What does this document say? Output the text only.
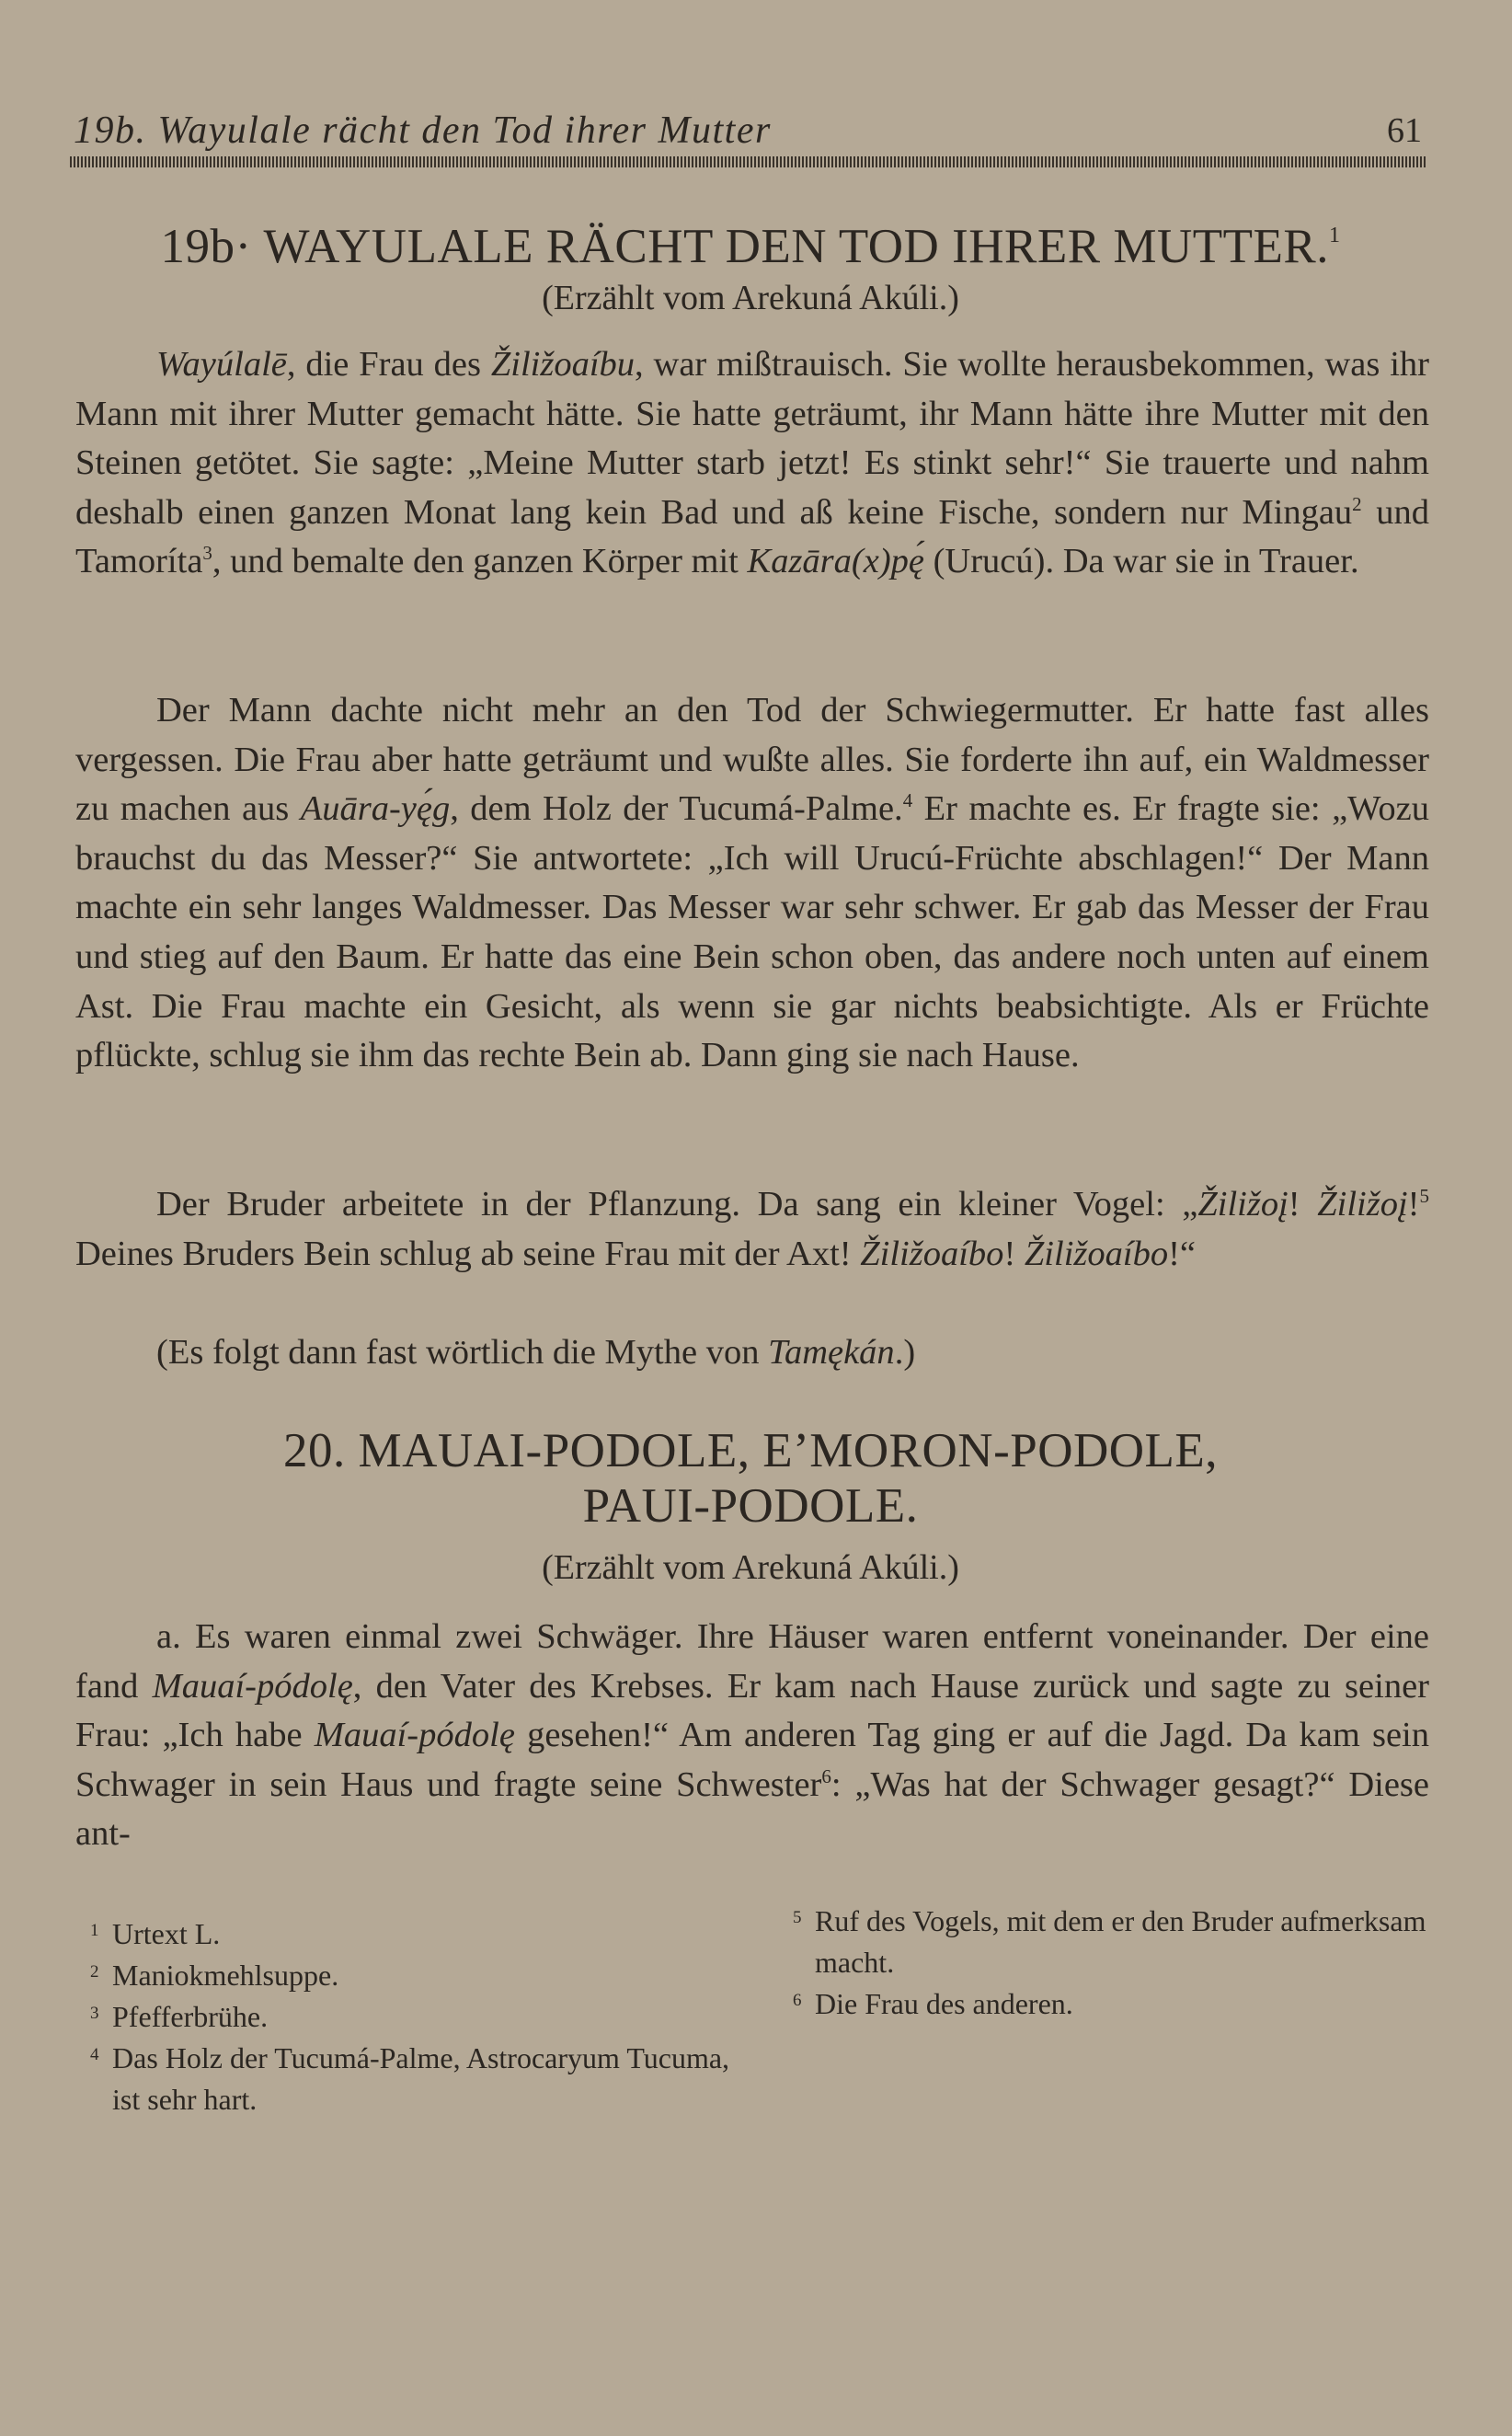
19b. Wayulale rächt den Tod ihrer Mutter	61
19b· WAYULALE RÄCHT DEN TOD IHRER MUTTER.$^1$
(Erzählt vom Arekuná Akúli.)

Wayúlalē, die Frau des Žiližoaíbu, war mißtrauisch. Sie wollte herausbekommen, was ihr Mann mit ihrer Mutter gemacht hätte. Sie hatte geträumt, ihr Mann hätte ihre Mutter mit den Steinen getötet. Sie sagte: „Meine Mutter starb jetzt! Es stinkt sehr!“ Sie trauerte und nahm deshalb einen ganzen Monat lang kein Bad und aß keine Fische, sondern nur Mingau$^2$ und Tamoríta$^3$, und bemalte den ganzen Körper mit Kazāra(x)pę́ (Urucú). Da war sie in Trauer.

Der Mann dachte nicht mehr an den Tod der Schwiegermutter. Er hatte fast alles vergessen. Die Frau aber hatte geträumt und wußte alles. Sie forderte ihn auf, ein Waldmesser zu machen aus Auāra-yę́g, dem Holz der Tucumá-Palme.$^4$ Er machte es. Er fragte sie: „Wozu brauchst du das Messer?“ Sie antwortete: „Ich will Urucú-Früchte abschlagen!“ Der Mann machte ein sehr langes Waldmesser. Das Messer war sehr schwer. Er gab das Messer der Frau und stieg auf den Baum. Er hatte das eine Bein schon oben, das andere noch unten auf einem Ast. Die Frau machte ein Gesicht, als wenn sie gar nichts beabsichtigte. Als er Früchte pflückte, schlug sie ihm das rechte Bein ab. Dann ging sie nach Hause.

Der Bruder arbeitete in der Pflanzung. Da sang ein kleiner Vogel: „Žiližoį! Žiližoį!$^5$ Deines Bruders Bein schlug ab seine Frau mit der Axt! Žiližoaíbo! Žiližoaíbo!“

(Es folgt dann fast wörtlich die Mythe von Tamękán.)

20. MAUAI-PODOLE, E’MORON-PODOLE,
PAUI-PODOLE.
(Erzählt vom Arekuná Akúli.)

a. Es waren einmal zwei Schwäger. Ihre Häuser waren entfernt voneinander. Der eine fand Mauaí-pódolę, den Vater des Krebses. Er kam nach Hause zurück und sagte zu seiner Frau: „Ich habe Mauaí-pódolę gesehen!“ Am anderen Tag ging er auf die Jagd. Da kam sein Schwager in sein Haus und fragte seine Schwester$^6$: „Was hat der Schwager gesagt?“ Diese ant-

1 Urtext L.
2 Maniokmehlsuppe.
3 Pfefferbrühe.
4 Das Holz der Tucumá-Palme, Astrocaryum Tucuma, ist sehr hart.
5 Ruf des Vogels, mit dem er den Bruder aufmerksam macht.
6 Die Frau des anderen.
